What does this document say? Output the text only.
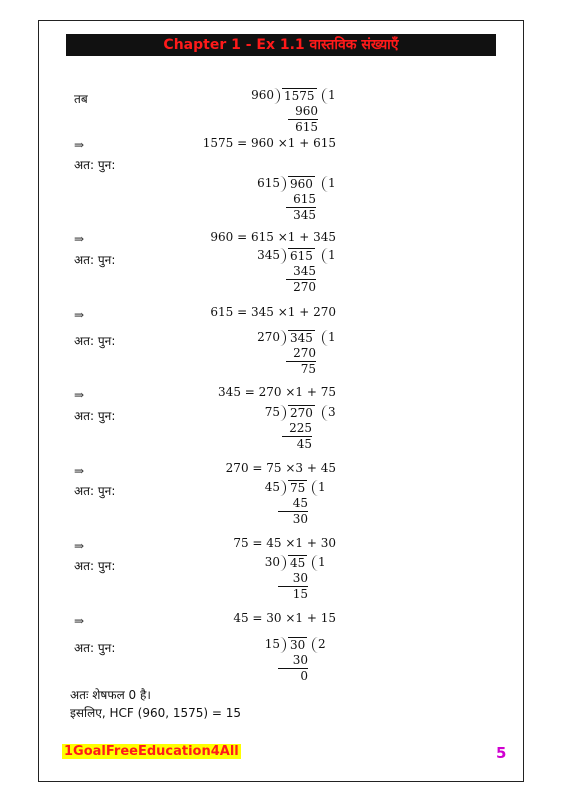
Chapter 1 - Ex 1.1 वास्तविक संख्याएँ
तब	960 1575 1
960
615
⇒	1575 = 960 ×1 + 615
अत: पुन:
615 960 1
615
345
⇒	960 = 615 ×1 + 345
अत: पुन:	345 615 1
345
270
⇒	615 = 345 ×1 + 270
अत: पुन:	270 345 1
270
75
⇒	345 = 270 ×1 + 75
अत: पुन:	75 270 3
225
45
⇒	270 = 75 ×3 + 45
अत: पुन:	45 75 1
45
30
⇒	75 = 45 ×1 + 30
अत: पुन:	30 45 1
30
15
⇒	45 = 30 ×1 + 15
अत: पुन:	15 30 2
30
0
अतः शेषफल 0 है।
इसलिए, HCF (960, 1575) = 15
1GoalFreeEducation4All	5
